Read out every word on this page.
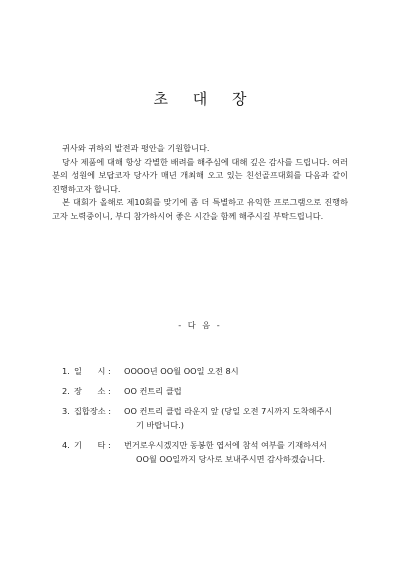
초 대 장

귀사와 귀하의 발전과 평안을 기원합니다.

당사 제품에 대해 항상 각별한 배려를 해주심에 대해 깊은 감사를 드립니다. 여러분의 성원에 보답코자 당사가 매년 개최해 오고 있는 친선골프대회를 다음과 같이 진행하고자 합니다.

본 대회가 올해로 제10회를 맞기에 좀 더 특별하고 유익한 프로그램으로 진행하고자 노력중이니, 부디 참가하시어 좋은 시간을 함께 해주시길 부탁드립니다.

- 다 음 -
1. 일      시 :	OOOO년 OO월 OO일 오전 8시
2. 장      소 :	OO 컨트리 클럽
3. 집합장소 :	OO 컨트리 클럽 라운지 앞 (당일 오전 7시까지 도착해주시
기 바랍니다.)
4. 기      타 :	번거로우시겠지만 동봉한 엽서에 참석 여부를 기재하셔서
OO월 OO일까지 당사로 보내주시면 감사하겠습니다.
